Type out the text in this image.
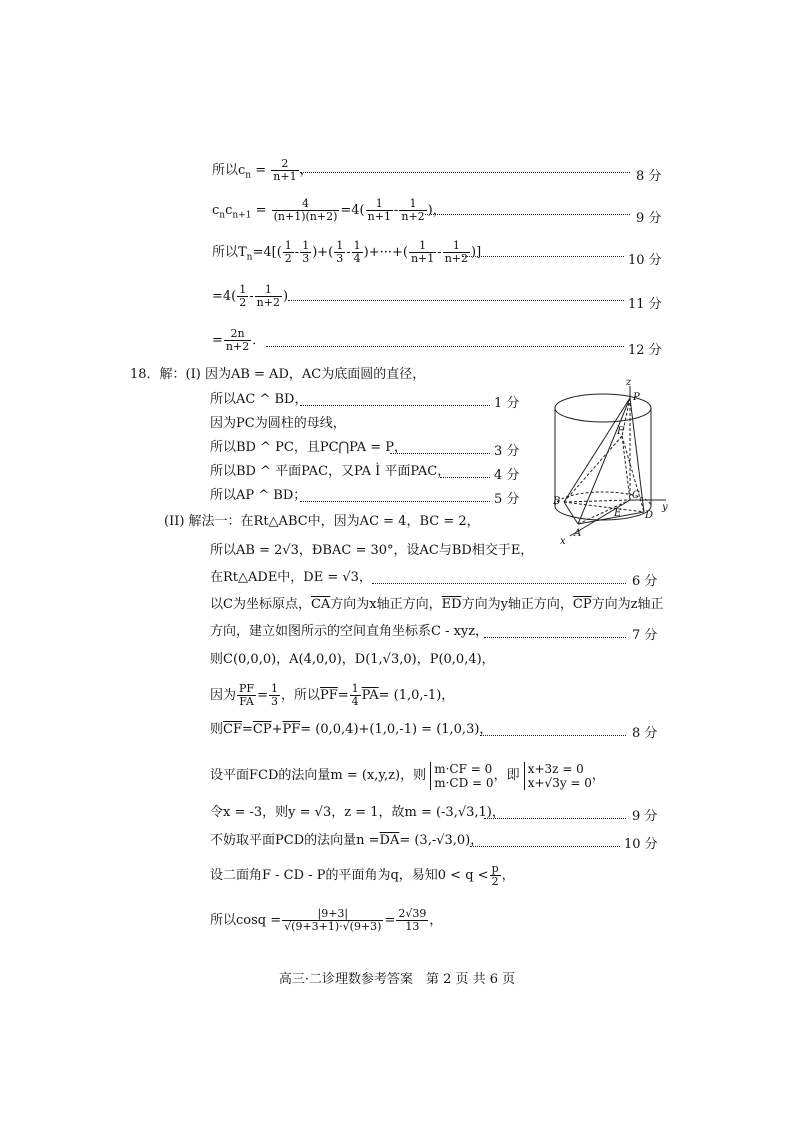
所以$c_n = \frac{2}{n+1}$ ，	8 分
$c_nc_{n+1} = \frac{4}{(n+1)(n+2)} =4( \frac{1}{n+1} - \frac{1}{n+2}$ )，
9 分
所以$T_n=4[( \frac{1}{2} - \frac{1}{3}$ )+( $\frac{1}{3} - \frac{1}{4}$ )+···+( $\frac{1}{n+1} - \frac{1}{n+2}$ )]
10 分
$=4( \frac{1}{2} - \frac{1}{n+2}$ )
11 分
= $\frac{2n}{n+2}$ ．
12 分
18．解：(I) 因为AB = AD，AC为底面圆的直径，
所以AC ^ BD，	1 分
因为PC为圆柱的母线，
所以BD ^ PC，且PC⋂PA = P，	3 分
所以BD ^ 平面PAC，又PA Ì 平面PAC，	4 分
所以AP ^ BD；	5 分
z
P
F
B
C
E D
A
x
y
(II) 解法一：在Rt△ABC中，因为AC = 4，BC = 2，
所以AB = 2√3，ÐBAC = 30°，设AC与BD相交于E，
在Rt△ADE中，DE = √3，	6 分
以C为坐标原点，$\overline{CA}$方向为x轴正方向，$\overline{ED}$方向为y轴正方向，$\overline{CP}$方向为z轴正
方向，建立如图所示的空间直角坐标系C - xyz，	7 分
则C(0,0,0)，A(4,0,0)，D(1,√3,0)，P(0,0,4)，
因为 $\frac{PF}{FA} = \frac{1}{3}$ ，所以$\overline{PF}= \frac{1}{4} \overline{PA}= (1,0,-1)$，
则$\overline{CF}=\overline{CP}+\overline{PF}= (0,0,4)+(1,0,-1) = (1,0,3)$，	8 分
设平面FCD的法向量m = (x,y,z)，则 m·CF = 0
m·CD = 0 ，即 x+3z = 0
x+√3y = 0 ，
令x = -3，则y = √3，z = 1，故m = (-3,√3,1)，	9 分
不妨取平面PCD的法向量$n =\overline{DA}= (3,-√3,0)$，	10 分
设二面角F - CD - P的平面角为q，易知$0 < q < \frac{p}{2}$ ，
所以$\cos q = \frac{|9+3|}{√(9+3+1)\cdot√(9+3)} = \frac{2√39}{13}$ ，
高三·二诊理数参考答案　第 2 页 共 6 页
